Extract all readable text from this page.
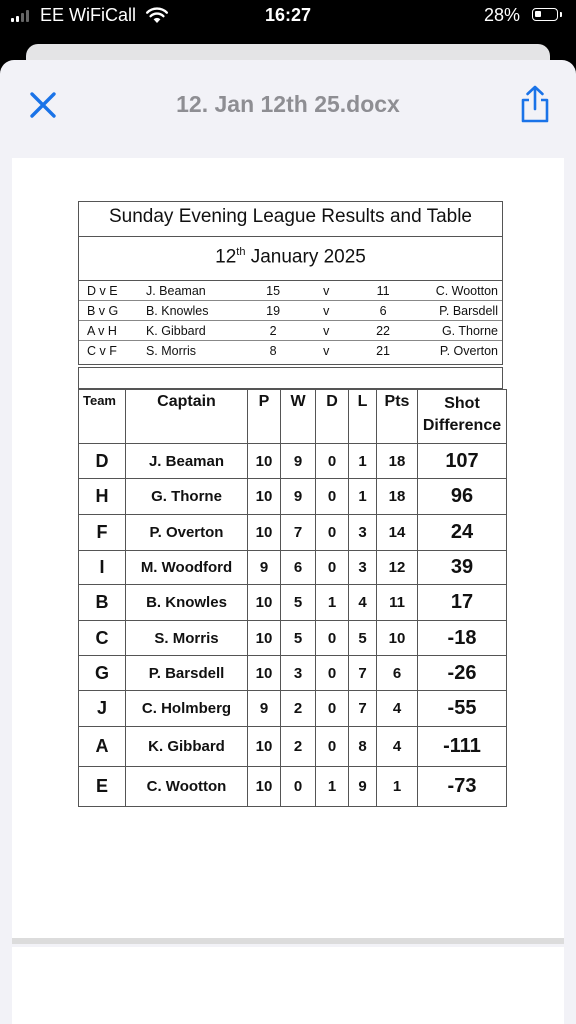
EE WiFiCall	16:27	28%
12. Jan 12th 25.docx
Sunday Evening League Results and Table
12th January 2025
D v E	J. Beaman	15	v	11	C. Wootton
B v G	B. Knowles	19	v	6	P. Barsdell
A v H	K. Gibbard	2	v	22	G. Thorne
C v F	S. Morris	8	v	21	P. Overton
Team	Captain	P	W	D	L	Pts	Shot Difference
D	J. Beaman	10	9	0	1	18	107
H	G. Thorne	10	9	0	1	18	96
F	P. Overton	10	7	0	3	14	24
I	M. Woodford	9	6	0	3	12	39
B	B. Knowles	10	5	1	4	11	17
C	S. Morris	10	5	0	5	10	-18
G	P. Barsdell	10	3	0	7	6	-26
J	C. Holmberg	9	2	0	7	4	-55
A	K. Gibbard	10	2	0	8	4	-111
E	C. Wootton	10	0	1	9	1	-73
